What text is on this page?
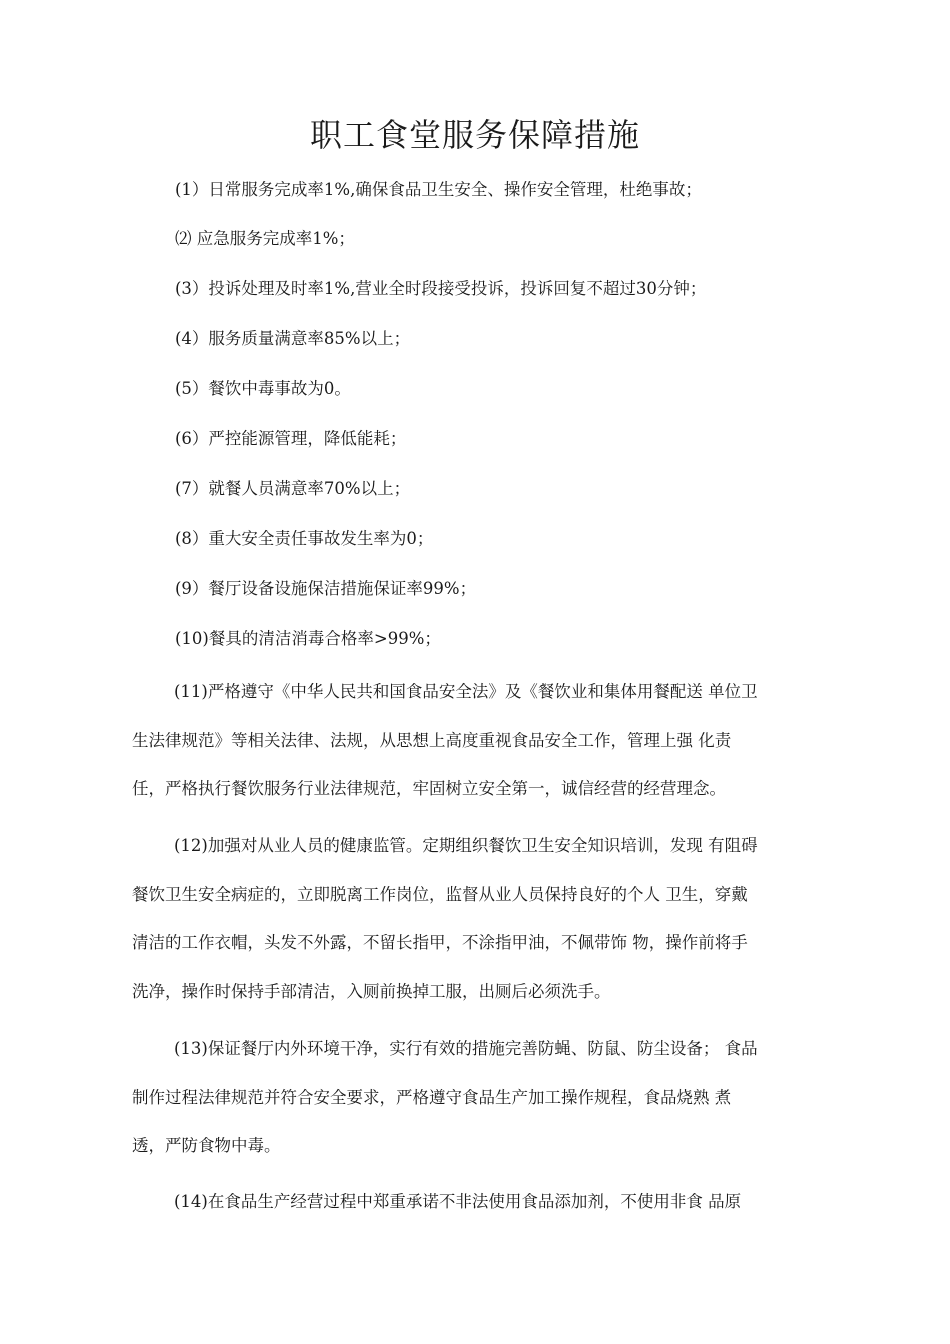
职工食堂服务保障措施
(1）日常服务完成率1%,确保食品卫生安全、操作安全管理，杜绝事故；
⑵ 应急服务完成率1%；
(3）投诉处理及时率1%,营业全时段接受投诉，投诉回复不超过30分钟；
(4）服务质量满意率85%以上；
(5）餐饮中毒事故为0。
(6）严控能源管理，降低能耗；
(7）就餐人员满意率70%以上；
(8）重大安全责任事故发生率为0；
(9）餐厅设备设施保洁措施保证率99%；
(10)餐具的清洁消毒合格率>99%；
(11)严格遵守《中华人民共和国食品安全法》及《餐饮业和集体用餐配送 单位卫
生法律规范》等相关法律、法规，从思想上高度重视食品安全工作，管理上强 化责
任，严格执行餐饮服务行业法律规范，牢固树立安全第一，诚信经营的经营理念。
(12)加强对从业人员的健康监管。定期组织餐饮卫生安全知识培训，发现 有阻碍
餐饮卫生安全病症的，立即脱离工作岗位，监督从业人员保持良好的个人 卫生，穿戴
清洁的工作衣帽，头发不外露，不留长指甲，不涂指甲油，不佩带饰 物，操作前将手
洗净，操作时保持手部清洁，入厕前换掉工服，出厕后必须洗手。
(13)保证餐厅内外环境干净，实行有效的措施完善防蝇、防鼠、防尘设备； 食品
制作过程法律规范并符合安全要求，严格遵守食品生产加工操作规程，食品烧熟 煮
透，严防食物中毒。
(14)在食品生产经营过程中郑重承诺不非法使用食品添加剂，不使用非食 品原
